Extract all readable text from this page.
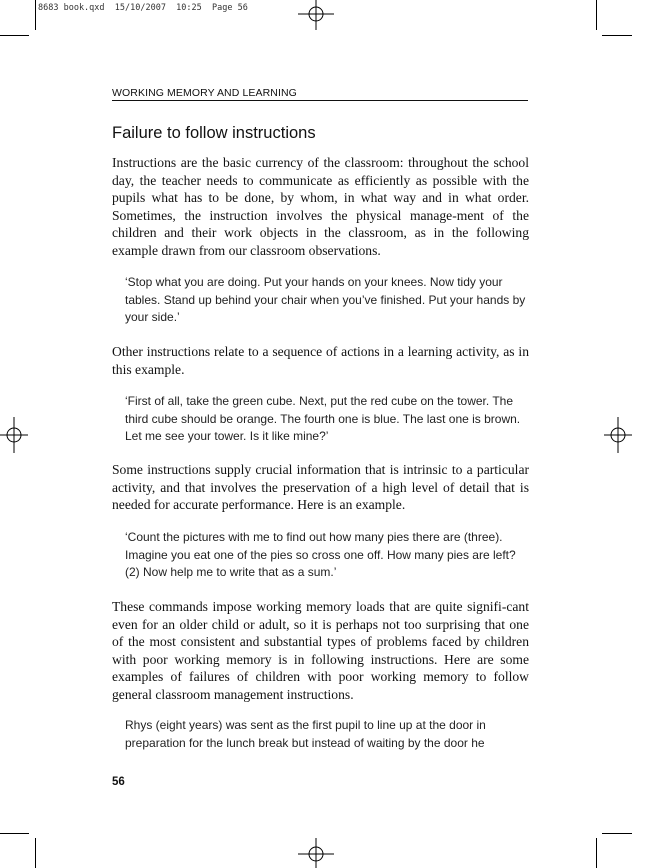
8683 book.qxd  15/10/2007  10:25  Page 56
WORKING MEMORY AND LEARNING
Failure to follow instructions

Instructions are the basic currency of the classroom: throughout the school day, the teacher needs to communicate as efficiently as possible with the pupils what has to be done, by whom, in what way and in what order. Sometimes, the instruction involves the physical manage-ment of the children and their work objects in the classroom, as in the following example drawn from our classroom observations.

‘Stop what you are doing. Put your hands on your knees. Now tidy your tables. Stand up behind your chair when you’ve finished. Put your hands by your side.’

Other instructions relate to a sequence of actions in a learning activity, as in this example.

‘First of all, take the green cube. Next, put the red cube on the tower. The third cube should be orange. The fourth one is blue. The last one is brown. Let me see your tower. Is it like mine?’

Some instructions supply crucial information that is intrinsic to a particular activity, and that involves the preservation of a high level of detail that is needed for accurate performance. Here is an example.

‘Count the pictures with me to find out how many pies there are (three). Imagine you eat one of the pies so cross one off. How many pies are left?(2) Now help me to write that as a sum.’

These commands impose working memory loads that are quite signifi-cant even for an older child or adult, so it is perhaps not too surprising that one of the most consistent and substantial types of problems faced by children with poor working memory is in following instructions. Here are some examples of failures of children with poor working memory to follow general classroom management instructions.

Rhys (eight years) was sent as the first pupil to line up at the door in preparation for the lunch break but instead of waiting by the door he

56
